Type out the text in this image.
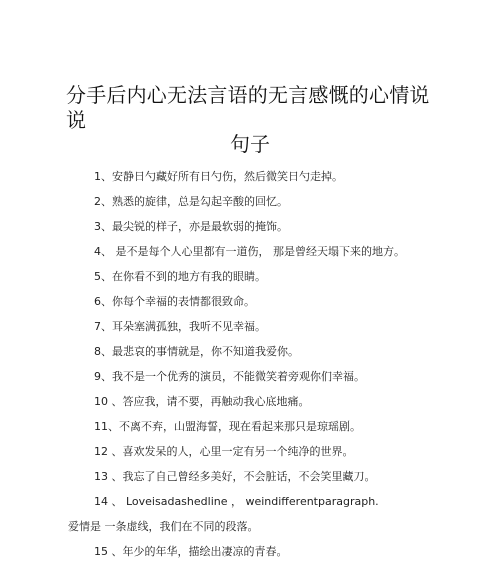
分手后内心无法言语的无言感慨的心情说
说
句子
1、安静日勺藏好所有日勺伤，然后微笑日勺走掉。
2、熟悉的旋律，总是勾起辛酸的回忆。
3、最尖锐的样子，亦是最软弱的掩饰。
4、 是不是每个人心里都有一道伤， 那是曾经天塌下来的地方。
5、在你看不到的地方有我的眼睛。
6、你每个幸福的表情都很致命。
7、耳朵塞满孤独，我听不见幸福。
8、最悲哀的事情就是，你不知道我爱你。
9、我不是一个优秀的演员，不能微笑着旁观你们幸福。
10 、答应我，请不要，再触动我心底地痛。
11、不离不弃，山盟海誓，现在看起来那只是琼瑶剧。
12 、喜欢发呆的人，心里一定有另一个纯净的世界。
13 、我忘了自己曾经多美好，不会脏话，不会笑里藏刀。
14 、 Loveisadashedline ， weindifferentparagraph.
爱情是 一条虚线，我们在不同的段落。
15 、年少的年华，描绘出凄凉的青春。
